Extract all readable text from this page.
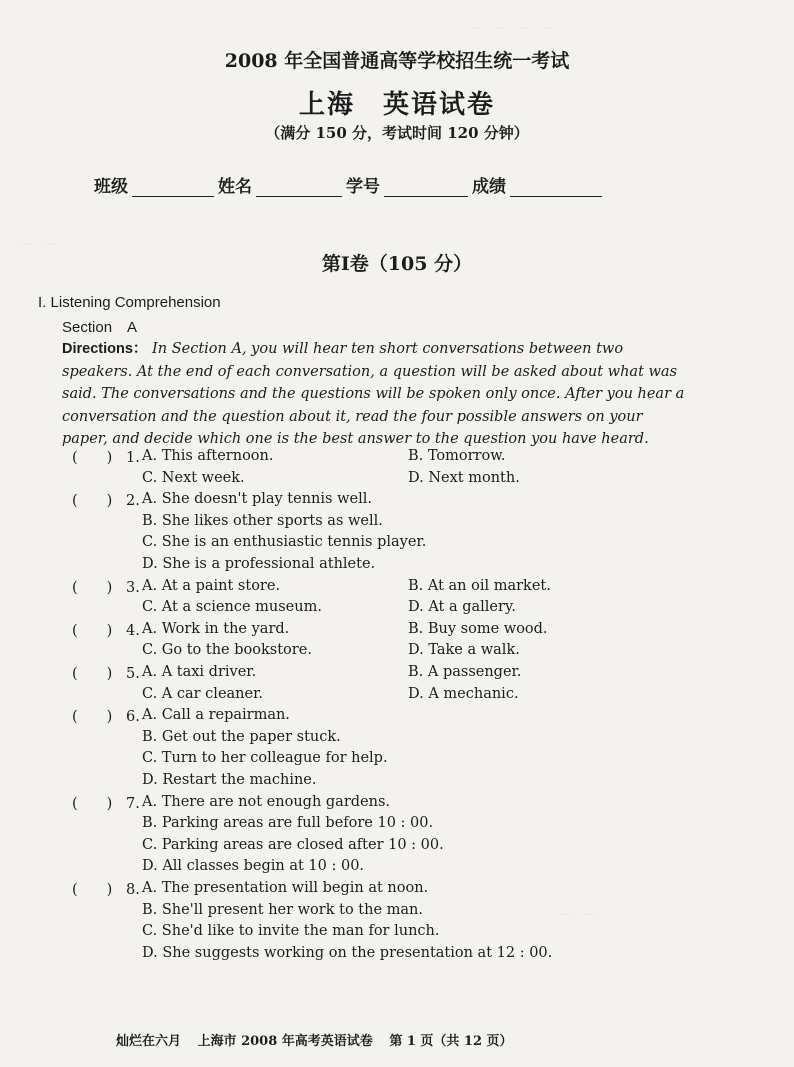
…　…　…　…
…　…
…　…
2008 年全国普通高等学校招生统一考试
上海　英语试卷
（满分 150 分，考试时间 120 分钟）
班级	姓名	学号	成绩
第Ⅰ卷（105 分）
I. Listening Comprehension
Section　A
Directions： In Section A, you will hear ten short conversations between two speakers. At the end of each conversation, a question will be asked about what was said. The conversations and the questions will be spoken only once. After you hear a conversation and the question about it, read the four possible answers on your paper, and decide which one is the best answer to the question you have heard.
(　　) 1. A. This afternoon.	B. Tomorrow.
C. Next week.	D. Next month.
(　　) 2. A. She doesn't play tennis well.
B. She likes other sports as well.
C. She is an enthusiastic tennis player.
D. She is a professional athlete.
(　　) 3. A. At a paint store.	B. At an oil market.
C. At a science museum.	D. At a gallery.
(　　) 4. A. Work in the yard.	B. Buy some wood.
C. Go to the bookstore.	D. Take a walk.
(　　) 5. A. A taxi driver.	B. A passenger.
C. A car cleaner.	D. A mechanic.
(　　) 6. A. Call a repairman.
B. Get out the paper stuck.
C. Turn to her colleague for help.
D. Restart the machine.
(　　) 7. A. There are not enough gardens.
B. Parking areas are full before 10 : 00.
C. Parking areas are closed after 10 : 00.
D. All classes begin at 10 : 00.
(　　) 8. A. The presentation will begin at noon.
B. She'll present her work to the man.
C. She'd like to invite the man for lunch.
D. She suggests working on the presentation at 12 : 00.
灿烂在六月 上海市 2008 年高考英语试卷 第 1 页（共 12 页）
